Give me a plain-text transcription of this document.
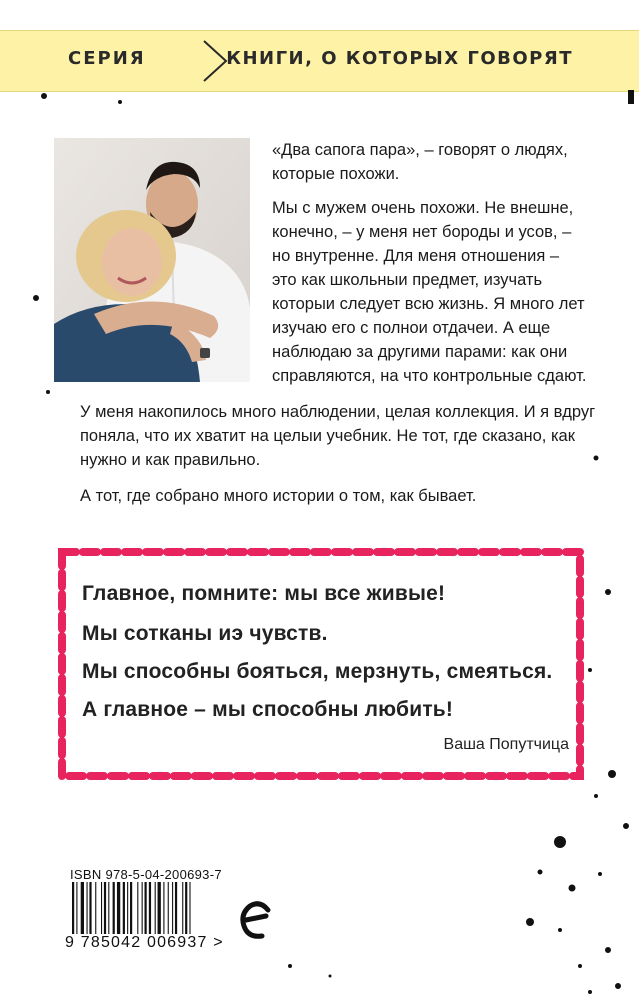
СЕРИЯ	КНИГИ, О КОТОРЫХ ГОВОРЯТ

«Два сапога пара», – говорят о людях,
которые похожи.

Мы с мужем очень похожи. Не внешне,
конечно, – у меня нет бороды и усов, –
но внутренне. Для меня отношения –
это как школьныи предмет, изучать
которыи следует всю жизнь. Я много лет
изучаю его с полнои отдачеи. А еще
наблюдаю за другими парами: как они
справляются, на что контрольные сдают.

У меня накопилось много наблюдении, целая коллекция. И я вдруг
поняла, что их хватит на целыи учебник. Не тот, где сказано, как
нужно и как правильно.

А тот, где собрано много истории о том, как бывает.

Главное, помните: мы все живые!
Мы сотканы иэ чувств.
Мы способны бояться, мерзнуть, смеяться.
А главное – мы способны любить!
Ваша Попутчица
ISBN 978-5-04-200693-7
9 785042 006937 >
